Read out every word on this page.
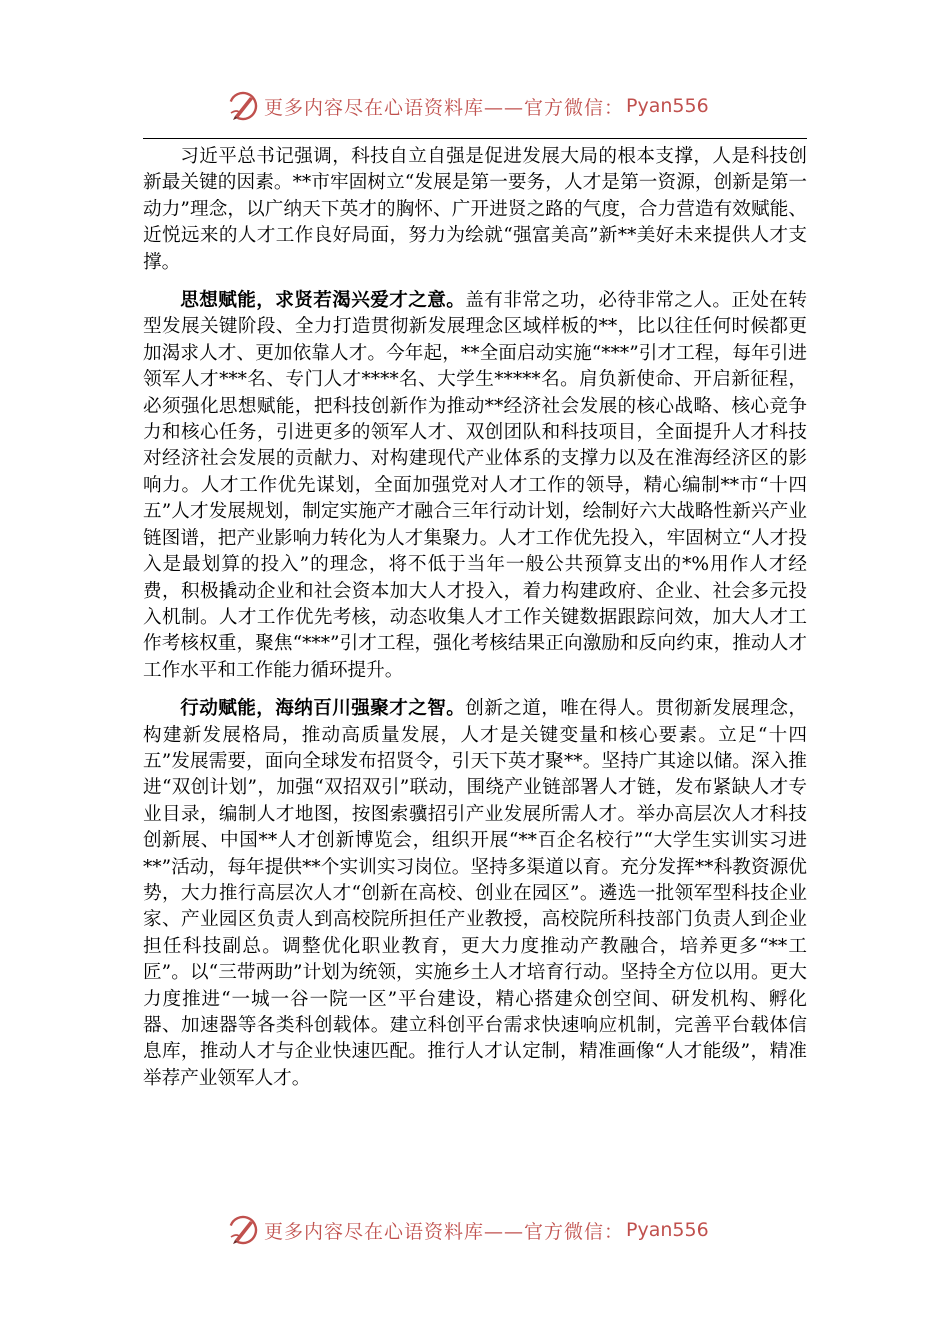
更多内容尽在心语资料库——官方微信： Pyan556

习近平总书记强调，科技自立自强是促进发展大局的根本支撑，人是科技创新最关键的因素。**市牢固树立“发展是第一要务，人才是第一资源，创新是第一动力”理念，以广纳天下英才的胸怀、广开进贤之路的气度，合力营造有效赋能、近悦远来的人才工作良好局面，努力为绘就“强富美高”新**美好未来提供人才支撑。

思想赋能，求贤若渴兴爱才之意。盖有非常之功，必待非常之人。正处在转型发展关键阶段、全力打造贯彻新发展理念区域样板的**，比以往任何时候都更加渴求人才、更加依靠人才。今年起，**全面启动实施“***”引才工程，每年引进领军人才***名、专门人才****名、大学生*****名。肩负新使命、开启新征程，必须强化思想赋能，把科技创新作为推动**经济社会发展的核心战略、核心竞争力和核心任务，引进更多的领军人才、双创团队和科技项目，全面提升人才科技对经济社会发展的贡献力、对构建现代产业体系的支撑力以及在淮海经济区的影响力。人才工作优先谋划，全面加强党对人才工作的领导，精心编制**市“十四五”人才发展规划，制定实施产才融合三年行动计划，绘制好六大战略性新兴产业链图谱，把产业影响力转化为人才集聚力。人才工作优先投入，牢固树立“人才投入是最划算的投入”的理念，将不低于当年一般公共预算支出的*%用作人才经费，积极撬动企业和社会资本加大人才投入，着力构建政府、企业、社会多元投入机制。人才工作优先考核，动态收集人才工作关键数据跟踪问效，加大人才工作考核权重，聚焦“***”引才工程，强化考核结果正向激励和反向约束，推动人才工作水平和工作能力循环提升。

行动赋能，海纳百川强聚才之智。创新之道，唯在得人。贯彻新发展理念，构建新发展格局，推动高质量发展，人才是关键变量和核心要素。立足“十四五”发展需要，面向全球发布招贤令，引天下英才聚**。坚持广其途以储。深入推进“双创计划”，加强“双招双引”联动，围绕产业链部署人才链，发布紧缺人才专业目录，编制人才地图，按图索骥招引产业发展所需人才。举办高层次人才科技创新展、中国**人才创新博览会，组织开展“**百企名校行”“大学生实训实习进**”活动，每年提供**个实训实习岗位。坚持多渠道以育。充分发挥**科教资源优势，大力推行高层次人才“创新在高校、创业在园区”。遴选一批领军型科技企业家、产业园区负责人到高校院所担任产业教授，高校院所科技部门负责人到企业担任科技副总。调整优化职业教育，更大力度推动产教融合，培养更多“**工匠”。以“三带两助”计划为统领，实施乡土人才培育行动。坚持全方位以用。更大力度推进“一城一谷一院一区”平台建设，精心搭建众创空间、研发机构、孵化器、加速器等各类科创载体。建立科创平台需求快速响应机制，完善平台载体信息库，推动人才与企业快速匹配。推行人才认定制，精准画像“人才能级”，精准举荐产业领军人才。

更多内容尽在心语资料库——官方微信： Pyan556
